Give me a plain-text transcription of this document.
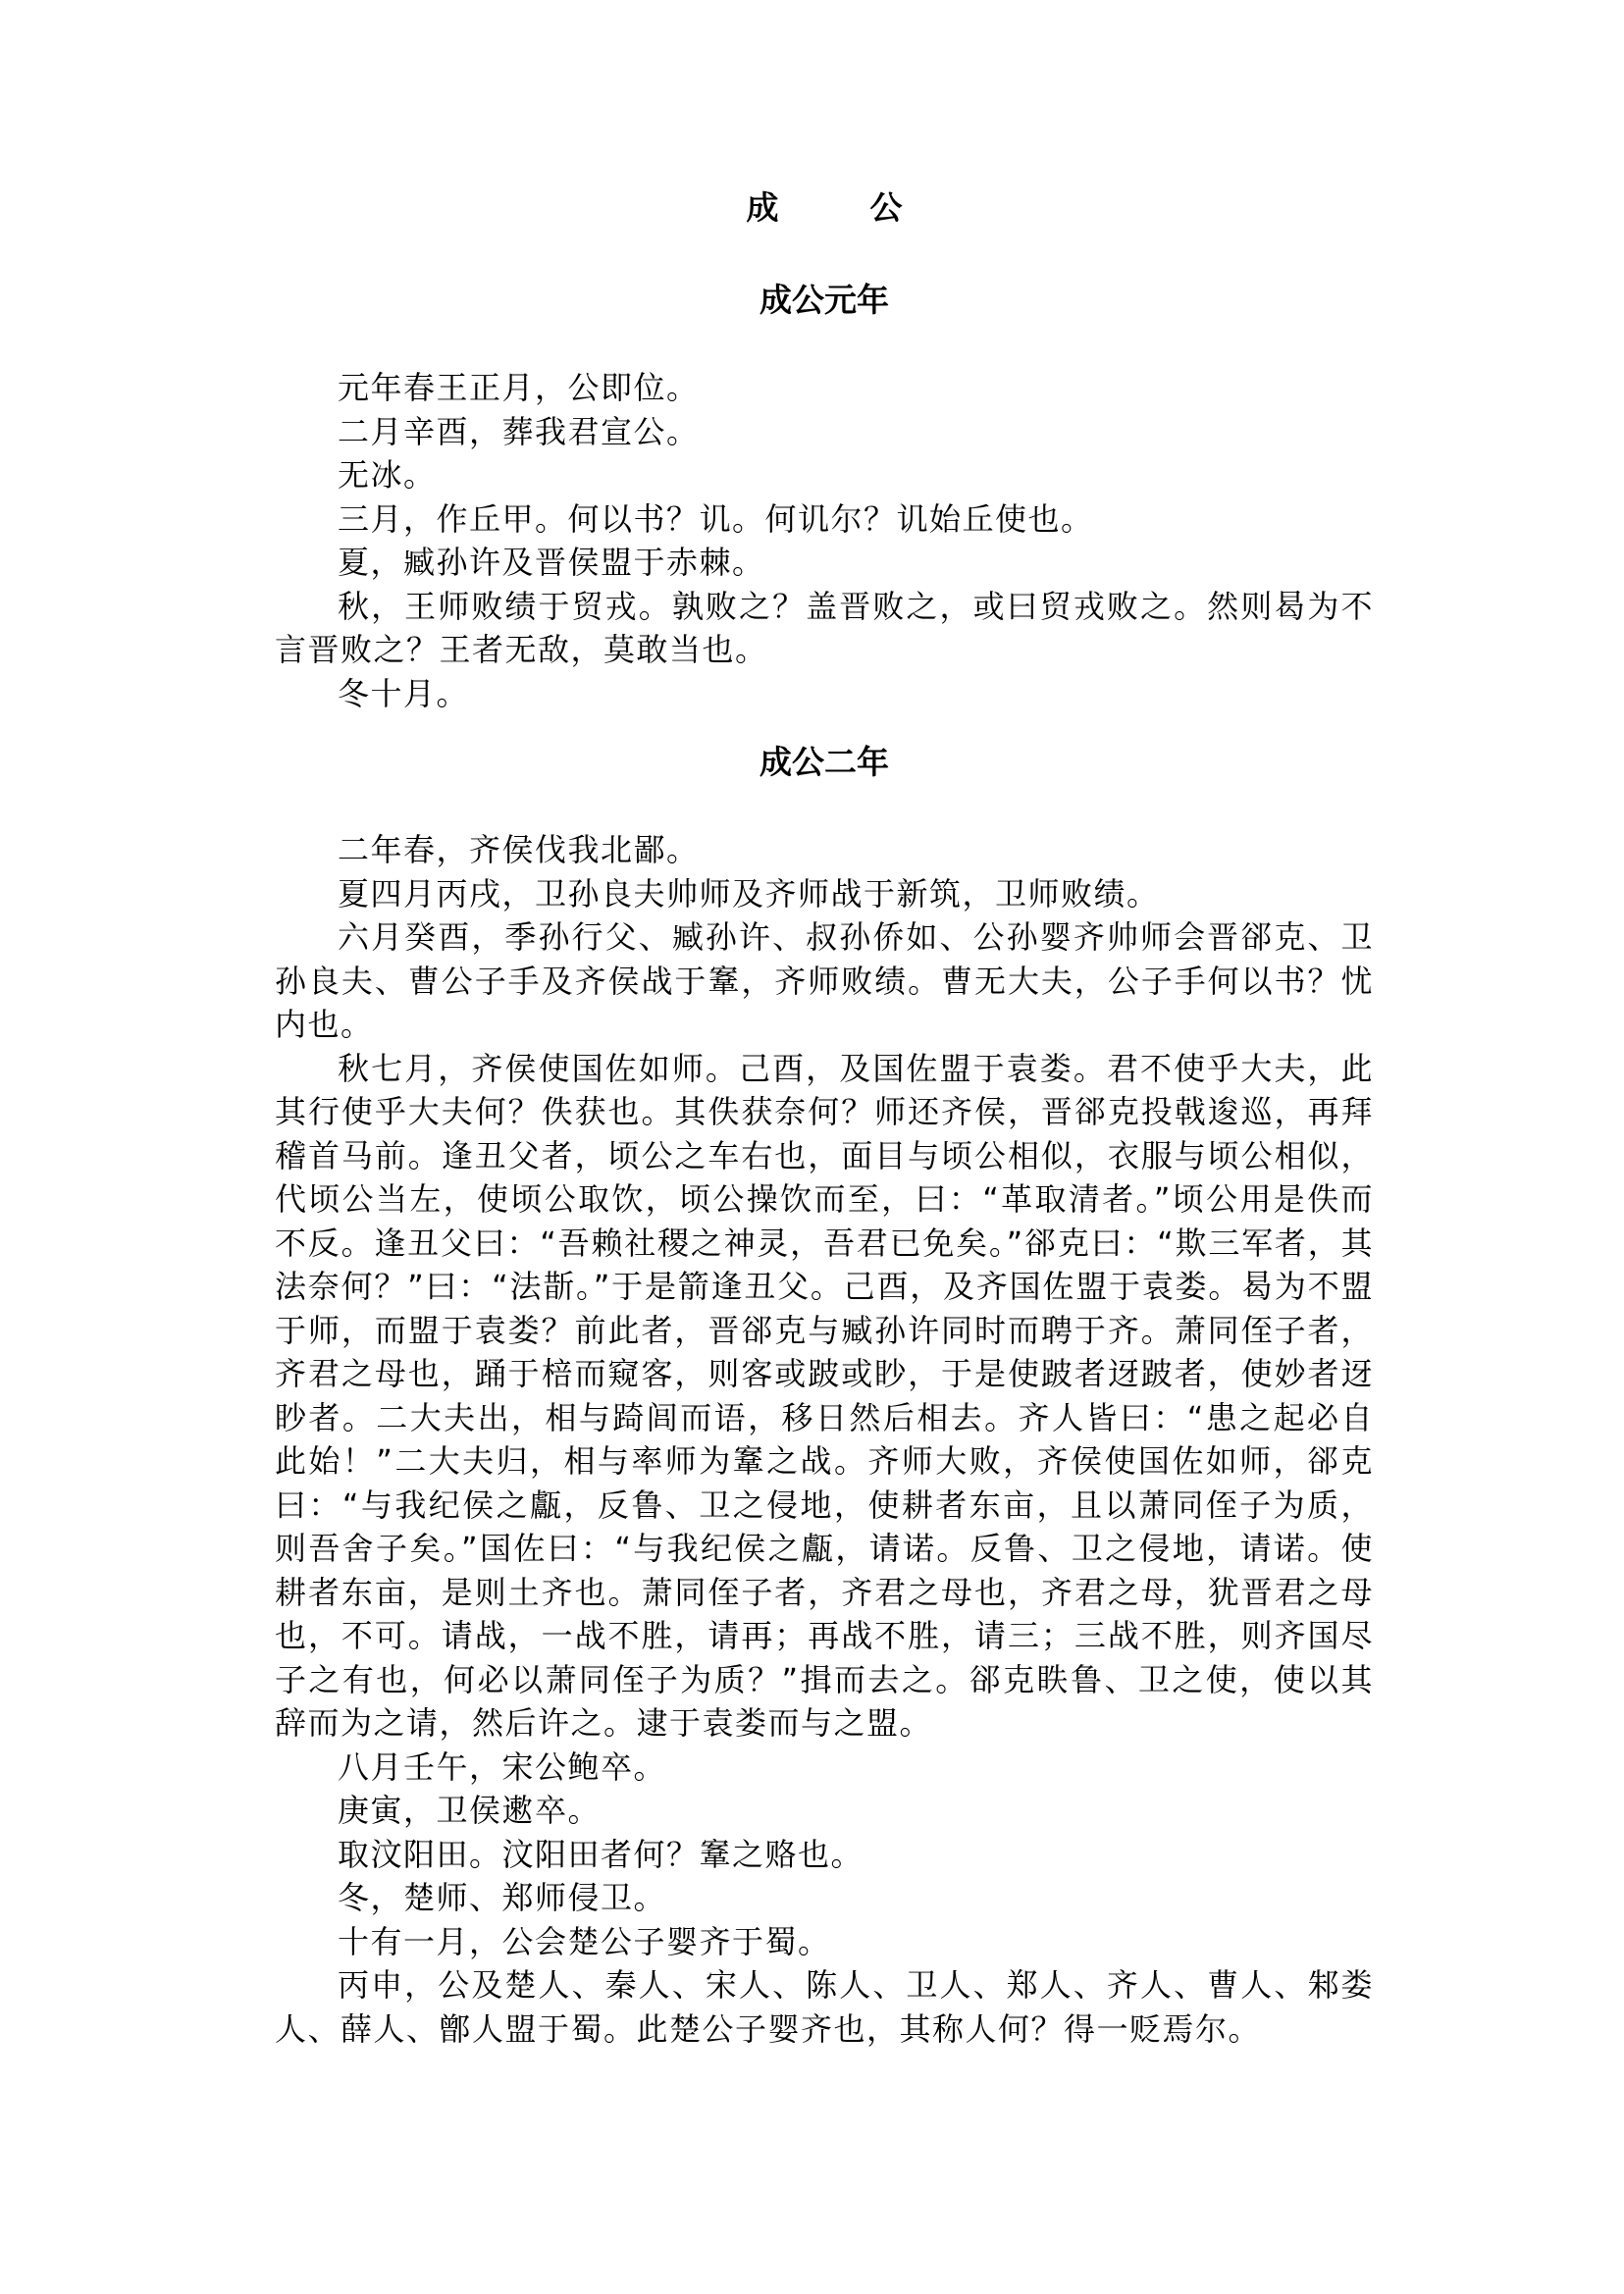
成　公
成公元年

元年春王正月，公即位。

二月辛酉，葬我君宣公。

无冰。

三月，作丘甲。何以书？讥。何讥尔？讥始丘使也。

夏，臧孙许及晋侯盟于赤棘。

秋，王师败绩于贸戎。孰败之？盖晋败之，或曰贸戎败之。然则曷为不言晋败之？王者无敌，莫敢当也。

冬十月。

成公二年

二年春，齐侯伐我北鄙。

夏四月丙戌，卫孙良夫帅师及齐师战于新筑，卫师败绩。

六月癸酉，季孙行父、臧孙许、叔孙侨如、公孙婴齐帅师会晋郤克、卫孙良夫、曹公子手及齐侯战于鞌，齐师败绩。曹无大夫，公子手何以书？忧内也。

秋七月，齐侯使国佐如师。己酉，及国佐盟于袁娄。君不使乎大夫，此其行使乎大夫何？佚获也。其佚获奈何？师还齐侯，晋郤克投戟逡巡，再拜稽首马前。逢丑父者，顷公之车右也，面目与顷公相似，衣服与顷公相似，代顷公当左，使顷公取饮，顷公操饮而至，曰：“革取清者。”顷公用是佚而不反。逢丑父曰：“吾赖社稷之神灵，吾君已免矣。”郤克曰：“欺三军者，其法奈何？”曰：“法斮。”于是箭逢丑父。己酉，及齐国佐盟于袁娄。曷为不盟于师，而盟于袁娄？前此者，晋郤克与臧孙许同时而聘于齐。萧同侄子者，齐君之母也，踊于棓而窥客，则客或跛或眇，于是使跛者迓跛者，使妙者迓眇者。二大夫出，相与踦闾而语，移日然后相去。齐人皆曰：“患之起必自此始！”二大夫归，相与率师为鞌之战。齐师大败，齐侯使国佐如师，郤克曰：“与我纪侯之甗，反鲁、卫之侵地，使耕者东亩，且以萧同侄子为质，则吾舍子矣。”国佐曰：“与我纪侯之甗，请诺。反鲁、卫之侵地，请诺。使耕者东亩，是则土齐也。萧同侄子者，齐君之母也，齐君之母，犹晋君之母也，不可。请战，一战不胜，请再；再战不胜，请三；三战不胜，则齐国尽子之有也，何必以萧同侄子为质？”揖而去之。郤克眣鲁、卫之使，使以其辞而为之请，然后许之。逮于袁娄而与之盟。

八月壬午，宋公鲍卒。

庚寅，卫侯遬卒。

取汶阳田。汶阳田者何？鞌之赂也。

冬，楚师、郑师侵卫。

十有一月，公会楚公子婴齐于蜀。

丙申，公及楚人、秦人、宋人、陈人、卫人、郑人、齐人、曹人、邾娄人、薛人、鄫人盟于蜀。此楚公子婴齐也，其称人何？得一贬焉尔。
